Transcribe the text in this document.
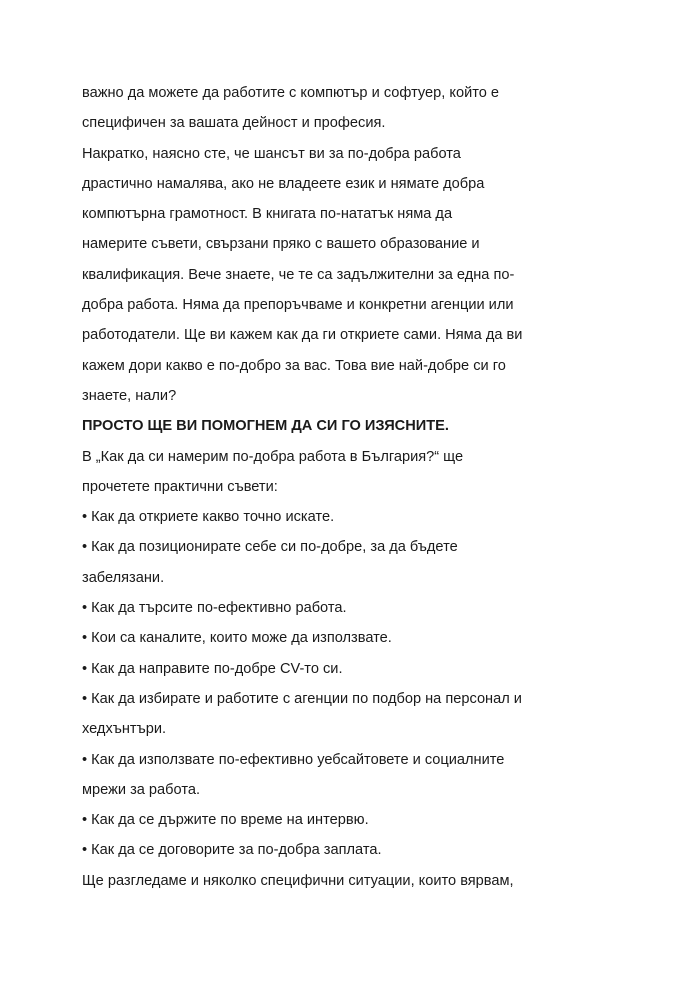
важно да можете да работите с компютър и софтуер, който е
специфичен за вашата дейност и професия.
Накратко, наясно сте, че шансът ви за по-добра работа
драстично намалява, ако не владеете език и нямате добра
компютърна грамотност. В книгата по-нататък няма да
намерите съвети, свързани пряко с вашето образование и
квалификация. Вече знаете, че те са задължителни за една по-
добра работа. Няма да препоръчваме и конкретни агенции или
работодатели. Ще ви кажем как да ги откриете сами. Няма да ви
кажем дори какво е по-добро за вас. Това вие най-добре си го
знаете, нали?
ПРОСТО ЩЕ ВИ ПОМОГНЕМ ДА СИ ГО ИЗЯСНИТЕ.
В „Как да си намерим по-добра работа в България?“ ще
прочетете практични съвети:
• Как да откриете какво точно искате.
• Как да позиционирате себе си по-добре, за да бъдете
забелязани.
• Как да търсите по-ефективно работа.
• Кои са каналите, които може да използвате.
• Как да направите по-добре CV-то си.
• Как да избирате и работите с агенции по подбор на персонал и
хедхънтъри.
• Как да използвате по-ефективно уебсайтовете и социалните
мрежи за работа.
• Как да се държите по време на интервю.
• Как да се договорите за по-добра заплата.
Ще разгледаме и няколко специфични ситуации, които вярвам,
